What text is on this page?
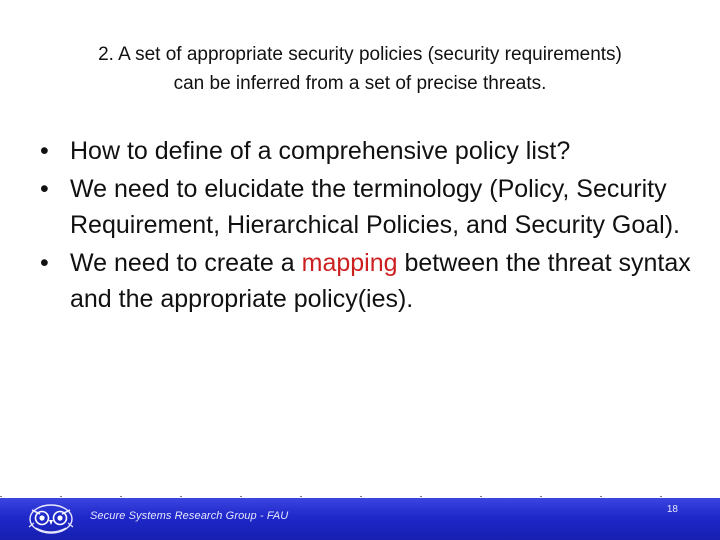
2. A set of appropriate security policies (security requirements)
can be inferred from a set of precise threats.
• How to define of a comprehensive policy list?
• We need to elucidate the terminology (Policy, Security Requirement, Hierarchical Policies, and Security Goal).
• We need to create a mapping between the threat syntax and the appropriate policy(ies).
Secure Systems Research Group - FAU
18
